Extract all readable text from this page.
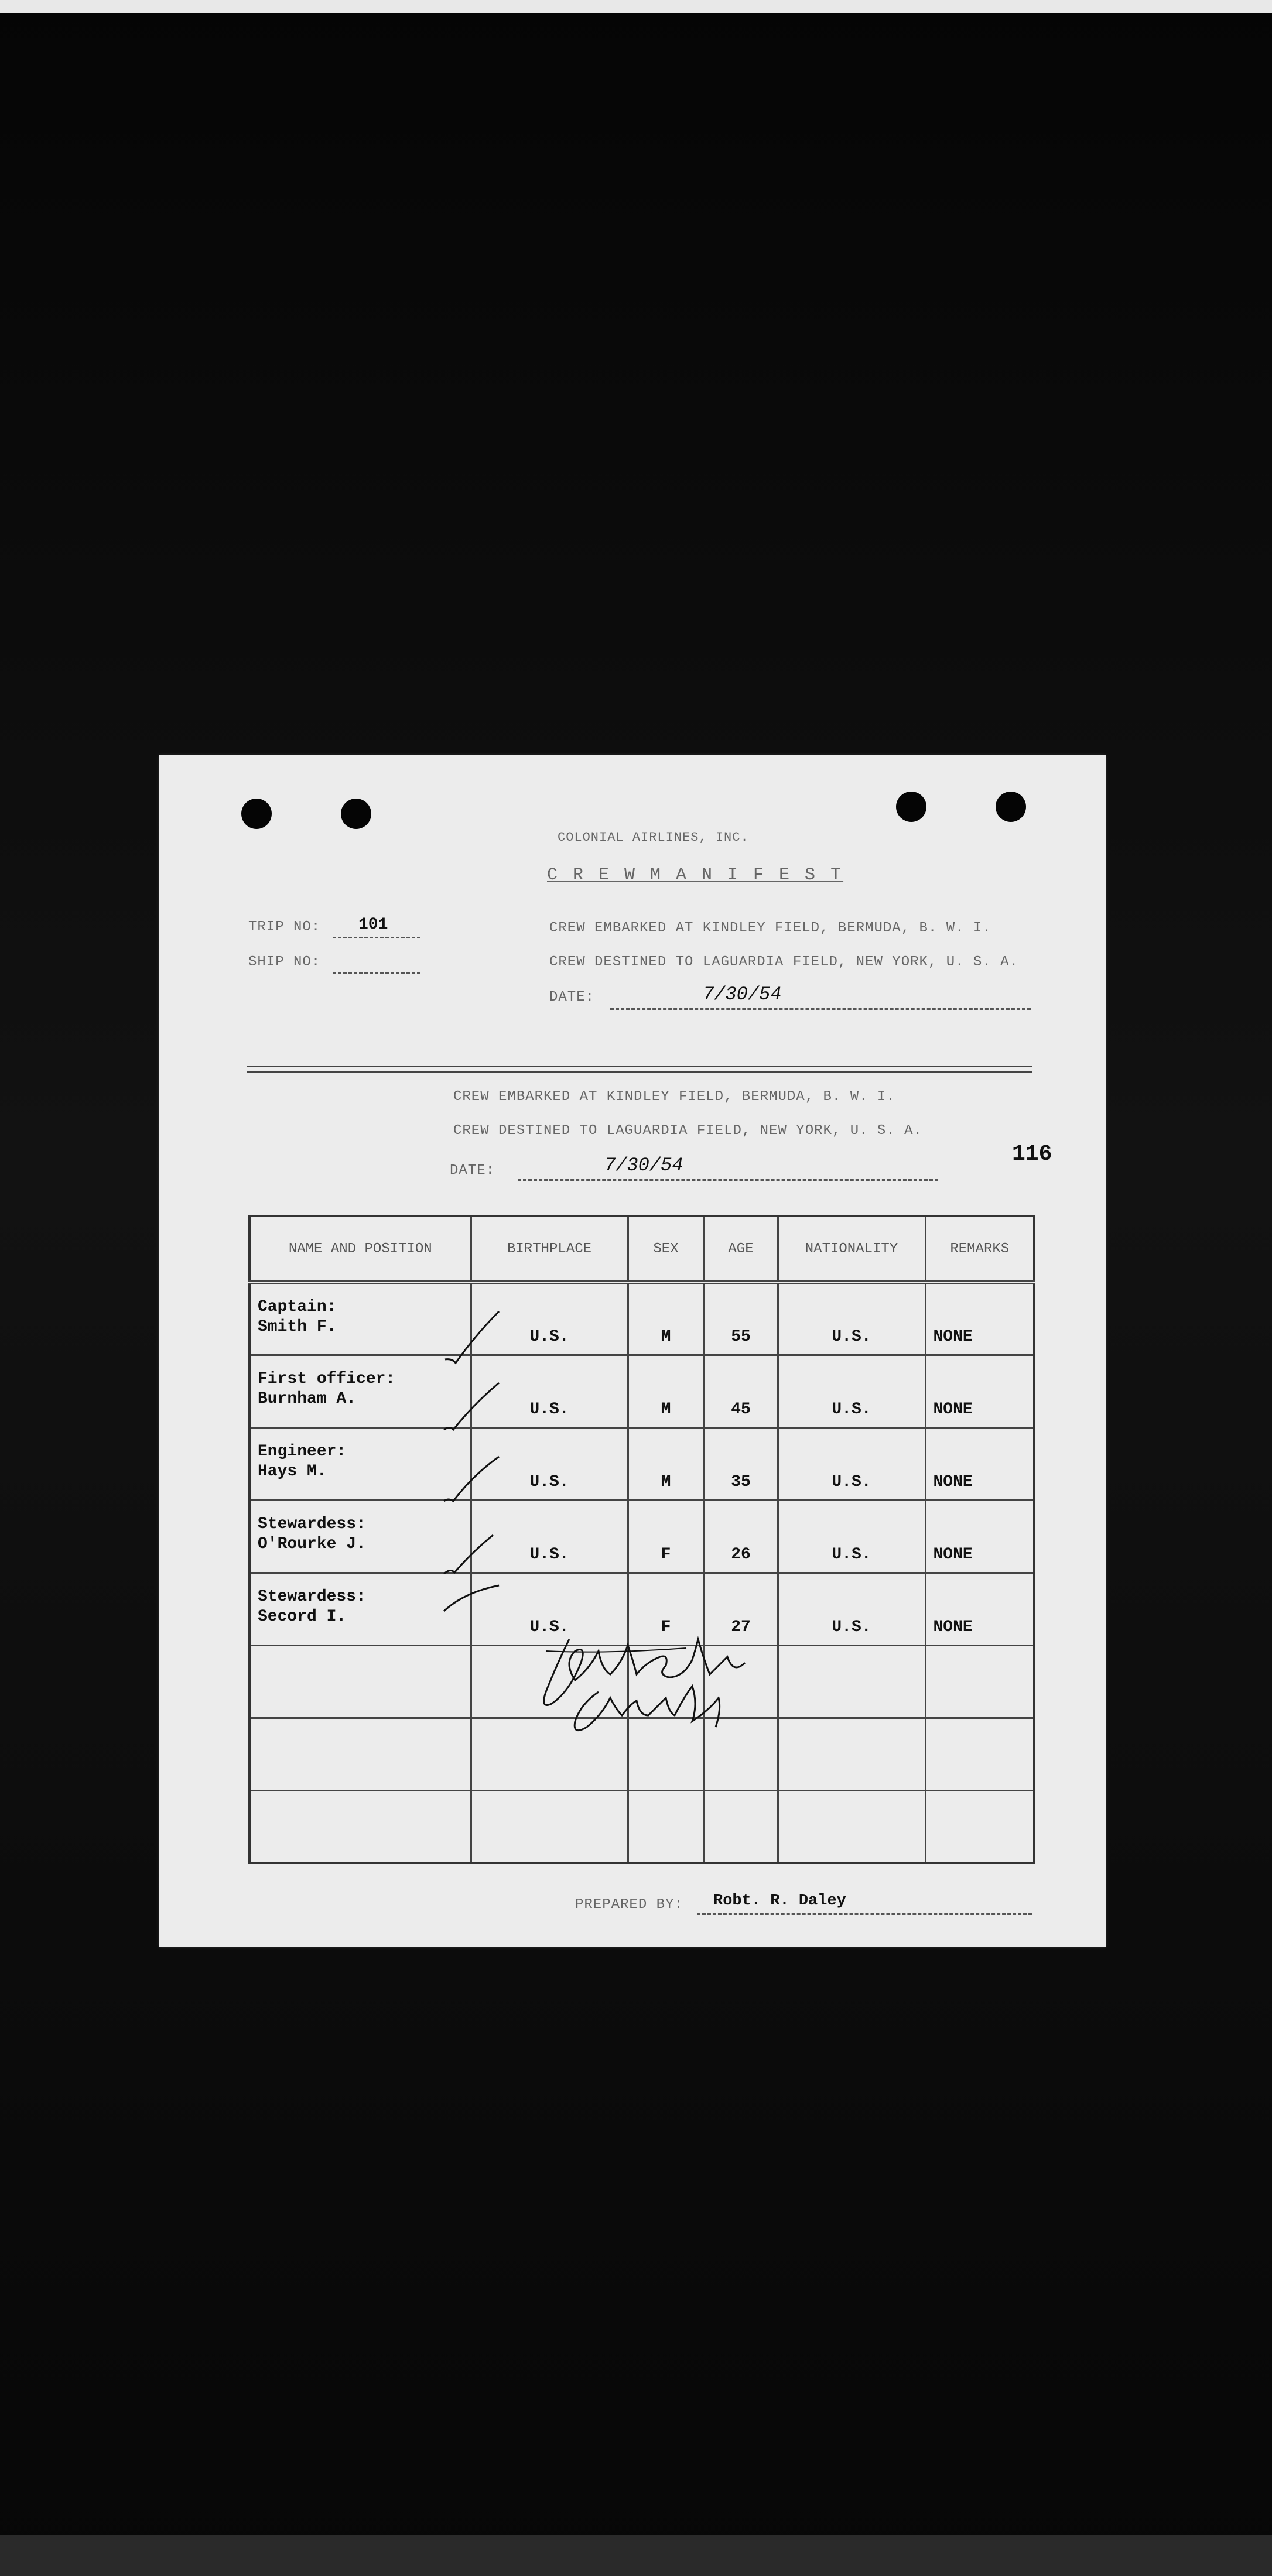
COLONIAL AIRLINES, INC.
C R E W M A N I F E S T
TRIP NO: 101
SHIP NO:
CREW EMBARKED AT KINDLEY FIELD, BERMUDA, B. W. I.
CREW DESTINED TO LAGUARDIA FIELD, NEW YORK, U. S. A.
DATE:	7/30/54
CREW EMBARKED AT KINDLEY FIELD, BERMUDA, B. W. I.
CREW DESTINED TO LAGUARDIA FIELD, NEW YORK, U. S. A.
DATE:	7/30/54	116
NAME AND POSITION	BIRTHPLACE	SEX	AGE	NATIONALITY	REMARKS

Captain:
Smith F.	U.S.	M	55	U.S.	NONE

First officer:
Burnham A.	U.S.	M	45	U.S.	NONE

Engineer:
Hays M.	U.S.	M	35	U.S.	NONE

Stewardess:
O'Rourke J.	U.S.	F	26	U.S.	NONE

Stewardess:
Secord I.	U.S.	F	27	U.S.	NONE

PREPARED BY: Robt. R. Daley
